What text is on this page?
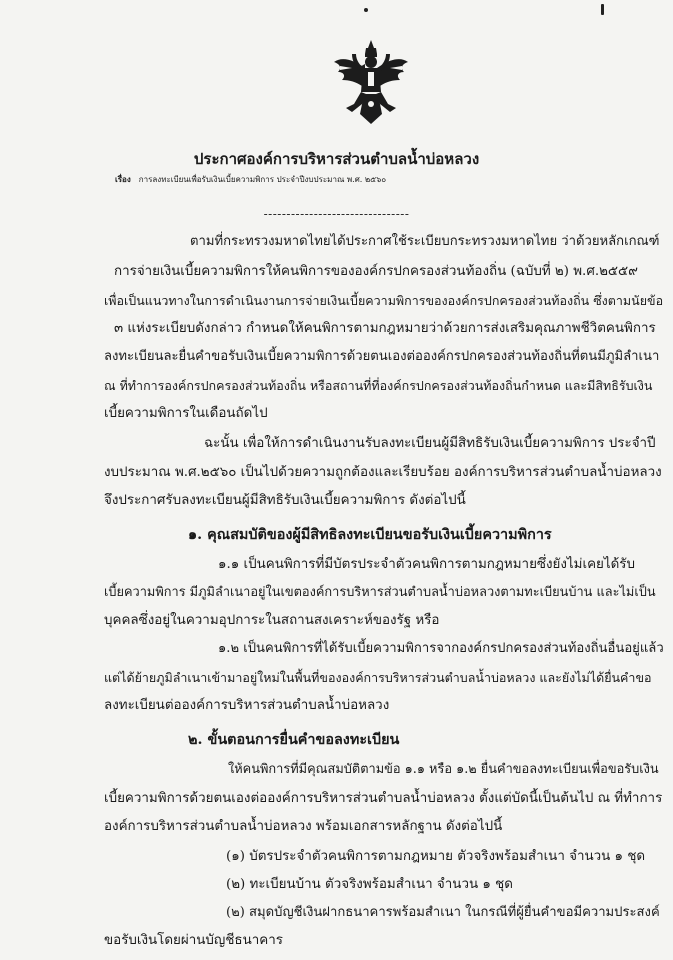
ประกาศองค์การบริหารส่วนตำบลน้ำบ่อหลวง
เรื่อง การลงทะเบียนเพื่อรับเงินเบี้ยความพิการ ประจำปีงบประมาณ พ.ศ. ๒๕๖๐
--------------------------------
ตามที่กระทรวงมหาดไทยได้ประกาศใช้ระเบียบกระทรวงมหาดไทย ว่าด้วยหลักเกณฑ์
การจ่ายเงินเบี้ยความพิการให้คนพิการขององค์กรปกครองส่วนท้องถิ่น (ฉบับที่ ๒) พ.ศ.๒๕๕๙
เพื่อเป็นแนวทางในการดำเนินงานการจ่ายเงินเบี้ยความพิการขององค์กรปกครองส่วนท้องถิ่น ซึ่งตามนัยข้อ
๓ แห่งระเบียบดังกล่าว กำหนดให้คนพิการตามกฎหมายว่าด้วยการส่งเสริมคุณภาพชีวิตคนพิการ
ลงทะเบียนละยื่นคำขอรับเงินเบี้ยความพิการด้วยตนเองต่อองค์กรปกครองส่วนท้องถิ่นที่ตนมีภูมิลำเนา
ณ ที่ทำการองค์กรปกครองส่วนท้องถิ่น หรือสถานที่ที่องค์กรปกครองส่วนท้องถิ่นกำหนด และมีสิทธิรับเงิน
เบี้ยความพิการในเดือนถัดไป
ฉะนั้น เพื่อให้การดำเนินงานรับลงทะเบียนผู้มีสิทธิรับเงินเบี้ยความพิการ ประจำปี
งบประมาณ พ.ศ.๒๕๖๐ เป็นไปด้วยความถูกต้องและเรียบร้อย องค์การบริหารส่วนตำบลน้ำบ่อหลวง
จึงประกาศรับลงทะเบียนผู้มีสิทธิรับเงินเบี้ยความพิการ ดังต่อไปนี้
๑. คุณสมบัติของผู้มีสิทธิลงทะเบียนขอรับเงินเบี้ยความพิการ
๑.๑ เป็นคนพิการที่มีบัตรประจำตัวคนพิการตามกฎหมายซึ่งยังไม่เคยได้รับ
เบี้ยความพิการ มีภูมิลำเนาอยู่ในเขตองค์การบริหารส่วนตำบลน้ำบ่อหลวงตามทะเบียนบ้าน และไม่เป็น
บุคคลซึ่งอยู่ในความอุปการะในสถานสงเคราะห์ของรัฐ หรือ
๑.๒ เป็นคนพิการที่ได้รับเบี้ยความพิการจากองค์กรปกครองส่วนท้องถิ่นอื่นอยู่แล้ว
แต่ได้ย้ายภูมิลำเนาเข้ามาอยู่ใหม่ในพื้นที่ขององค์การบริหารส่วนตำบลน้ำบ่อหลวง และยังไม่ได้ยื่นคำขอ
ลงทะเบียนต่อองค์การบริหารส่วนตำบลน้ำบ่อหลวง
๒. ขั้นตอนการยื่นคำขอลงทะเบียน
ให้คนพิการที่มีคุณสมบัติตามข้อ ๑.๑ หรือ ๑.๒ ยื่นคำขอลงทะเบียนเพื่อขอรับเงิน
เบี้ยความพิการด้วยตนเองต่อองค์การบริหารส่วนตำบลน้ำบ่อหลวง ตั้งแต่บัดนี้เป็นต้นไป ณ ที่ทำการ
องค์การบริหารส่วนตำบลน้ำบ่อหลวง พร้อมเอกสารหลักฐาน ดังต่อไปนี้
(๑) บัตรประจำตัวคนพิการตามกฎหมาย ตัวจริงพร้อมสำเนา จำนวน ๑ ชุด
(๒) ทะเบียนบ้าน ตัวจริงพร้อมสำเนา จำนวน ๑ ชุด
(๒) สมุดบัญชีเงินฝากธนาคารพร้อมสำเนา ในกรณีที่ผู้ยื่นคำขอมีความประสงค์
ขอรับเงินโดยผ่านบัญชีธนาคาร
